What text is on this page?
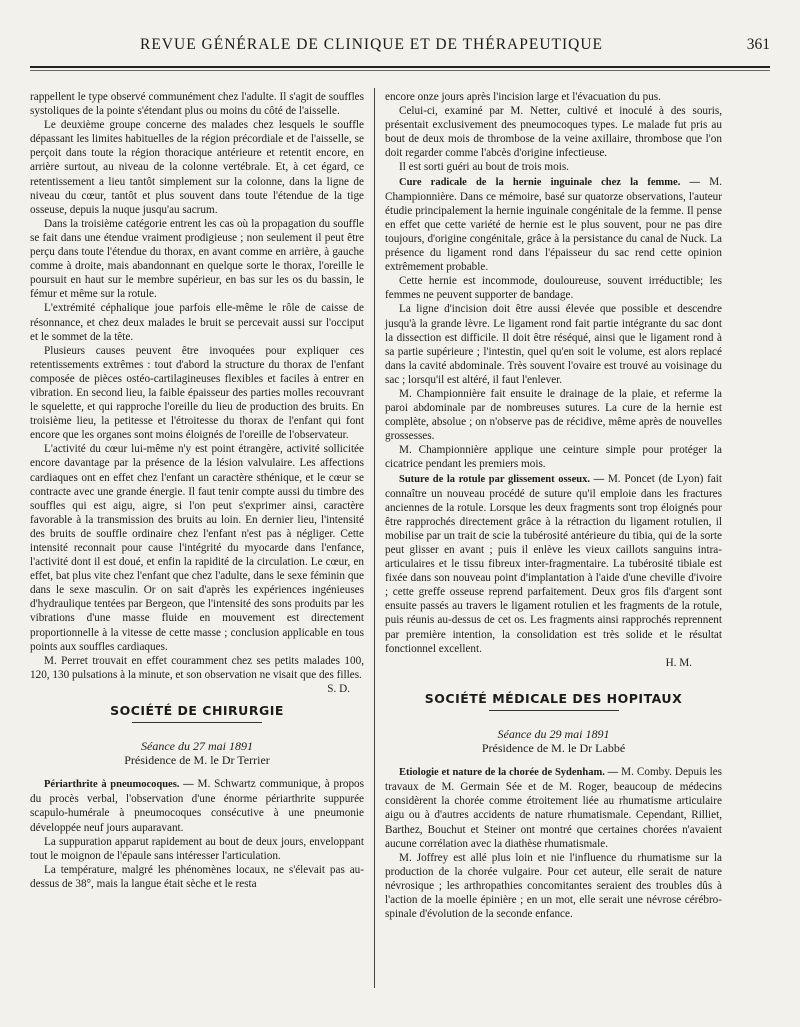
REVUE GÉNÉRALE DE CLINIQUE ET DE THÉRAPEUTIQUE	361

rappellent le type observé communément chez l'adulte. Il s'agit de souffles systoliques de la pointe s'étendant plus ou moins du côté de l'aisselle.

Le deuxième groupe concerne des malades chez lesquels le souffle dépassant les limites habituelles de la région précordiale et de l'aisselle, se perçoit dans toute la région thoracique antérieure et retentit encore, en arrière surtout, au niveau de la colonne vertébrale. Et, à cet égard, ce retentissement a lieu tantôt simplement sur la colonne, dans la ligne de niveau du cœur, tantôt et plus souvent dans toute l'étendue de la tige osseuse, depuis la nuque jusqu'au sacrum.

Dans la troisième catégorie entrent les cas où la propagation du souffle se fait dans une étendue vraiment prodigieuse ; non seulement il peut être perçu dans toute l'étendue du thorax, en avant comme en arrière, à gauche comme à droite, mais abandonnant en quelque sorte le thorax, l'oreille le poursuit en haut sur le membre supérieur, en bas sur les os du bassin, le fémur et même sur la rotule.

L'extrémité céphalique joue parfois elle-même le rôle de caisse de résonnance, et chez deux malades le bruit se percevait aussi sur l'occiput et le sommet de la tête.

Plusieurs causes peuvent être invoquées pour expliquer ces retentissements extrêmes : tout d'abord la structure du thorax de l'enfant composée de pièces ostéo-cartilagineuses flexibles et faciles à entrer en vibration. En second lieu, la faible épaisseur des parties molles recouvrant le squelette, et qui rapproche l'oreille du lieu de production des bruits. En troisième lieu, la petitesse et l'étroitesse du thorax de l'enfant qui font encore que les organes sont moins éloignés de l'oreille de l'observateur.

L'activité du cœur lui-même n'y est point étrangère, activité sollicitée encore davantage par la présence de la lésion valvulaire. Les affections cardiaques ont en effet chez l'enfant un caractère sthénique, et le cœur se contracte avec une grande énergie. Il faut tenir compte aussi du timbre des souffles qui est aigu, aigre, si l'on peut s'exprimer ainsi, caractère favorable à la transmission des bruits au loin. En dernier lieu, l'intensité des bruits de souffle ordinaire chez l'enfant n'est pas à négliger. Cette intensité reconnait pour cause l'intégrité du myocarde dans l'enfance, l'activité dont il est doué, et enfin la rapidité de la circulation. Le cœur, en effet, bat plus vite chez l'enfant que chez l'adulte, dans le sexe féminin que dans le sexe masculin. Or on sait d'après les expériences ingénieuses d'hydraulique tentées par Bergeon, que l'intensité des sons produits par les vibrations d'une masse fluide en mouvement est directement proportionnelle à la vitesse de cette masse ; conclusion applicable en tous points aux souffles cardiaques.

M. Perret trouvait en effet couramment chez ses petits malades 100, 120, 130 pulsations à la minute, et son observation ne visait que des filles.
S. D.

SOCIÉTÉ DE CHIRURGIE

Séance du 27 mai 1891

Présidence de M. le Dr Terrier

Périarthrite à pneumocoques. — M. Schwartz communique, à propos du procès verbal, l'observation d'une énorme périarthrite suppurée scapulo-humérale à pneumocoques consécutive à une pneumonie développée neuf jours auparavant.

La suppuration apparut rapidement au bout de deux jours, enveloppant tout le moignon de l'épaule sans intéresser l'articulation.

La température, malgré les phénomènes locaux, ne s'élevait pas au-dessus de 38°, mais la langue était sèche et le resta

encore onze jours après l'incision large et l'évacuation du pus.

Celui-ci, examiné par M. Netter, cultivé et inoculé à des souris, présentait exclusivement des pneumocoques types. Le malade fut pris au bout de deux mois de thrombose de la veine axillaire, thrombose que l'on doit regarder comme l'abcès d'origine infectieuse.

Il est sorti guéri au bout de trois mois.

Cure radicale de la hernie inguinale chez la femme. — M. Championnière. Dans ce mémoire, basé sur quatorze observations, l'auteur étudie principalement la hernie inguinale congénitale de la femme. Il pense en effet que cette variété de hernie est le plus souvent, pour ne pas dire toujours, d'origine congénitale, grâce à la persistance du canal de Nuck. La présence du ligament rond dans l'épaisseur du sac rend cette opinion extrêmement probable.

Cette hernie est incommode, douloureuse, souvent irréductible; les femmes ne peuvent supporter de bandage.

La ligne d'incision doit être aussi élevée que possible et descendre jusqu'à la grande lèvre. Le ligament rond fait partie intégrante du sac dont la dissection est difficile. Il doit être réséqué, ainsi que le ligament rond à sa partie supérieure ; l'intestin, quel qu'en soit le volume, est alors replacé dans la cavité abdominale. Très souvent l'ovaire est trouvé au voisinage du sac ; lorsqu'il est altéré, il faut l'enlever.

M. Championnière fait ensuite le drainage de la plaie, et referme la paroi abdominale par de nombreuses sutures. La cure de la hernie est complète, absolue ; on n'observe pas de récidive, même après de nouvelles grossesses.

M. Championnière applique une ceinture simple pour protéger la cicatrice pendant les premiers mois.

Suture de la rotule par glissement osseux. — M. Poncet (de Lyon) fait connaître un nouveau procédé de suture qu'il emploie dans les fractures anciennes de la rotule. Lorsque les deux fragments sont trop éloignés pour être rapprochés directement grâce à la rétraction du ligament rotulien, il mobilise par un trait de scie la tubérosité antérieure du tibia, qui de la sorte peut glisser en avant ; puis il enlève les vieux caillots sanguins intra-articulaires et le tissu fibreux inter-fragmentaire. La tubérosité tibiale est fixée dans son nouveau point d'implantation à l'aide d'une cheville d'ivoire ; cette greffe osseuse reprend parfaitement. Deux gros fils d'argent sont ensuite passés au travers le ligament rotulien et les fragments de la rotule, puis réunis au-dessus de cet os. Les fragments ainsi rapprochés reprennent par première intention, la consolidation est très solide et le résultat fonctionnel excellent.

H. M.

SOCIÉTÉ MÉDICALE DES HOPITAUX

Séance du 29 mai 1891

Présidence de M. le Dr Labbé

Etiologie et nature de la chorée de Sydenham. — M. Comby. Depuis les travaux de M. Germain Sée et de M. Roger, beaucoup de médecins considèrent la chorée comme étroitement liée au rhumatisme articulaire aigu ou à d'autres accidents de nature rhumatismale. Cependant, Rilliet, Barthez, Bouchut et Steiner ont montré que certaines chorées n'avaient aucune corrélation avec la diathèse rhumatismale.

M. Joffrey est allé plus loin et nie l'influence du rhumatisme sur la production de la chorée vulgaire. Pour cet auteur, elle serait de nature névrosique ; les arthropathies concomitantes seraient des troubles dûs à l'action de la moelle épinière ; en un mot, elle serait une névrose cérébro-spinale d'évolution de la seconde enfance.
